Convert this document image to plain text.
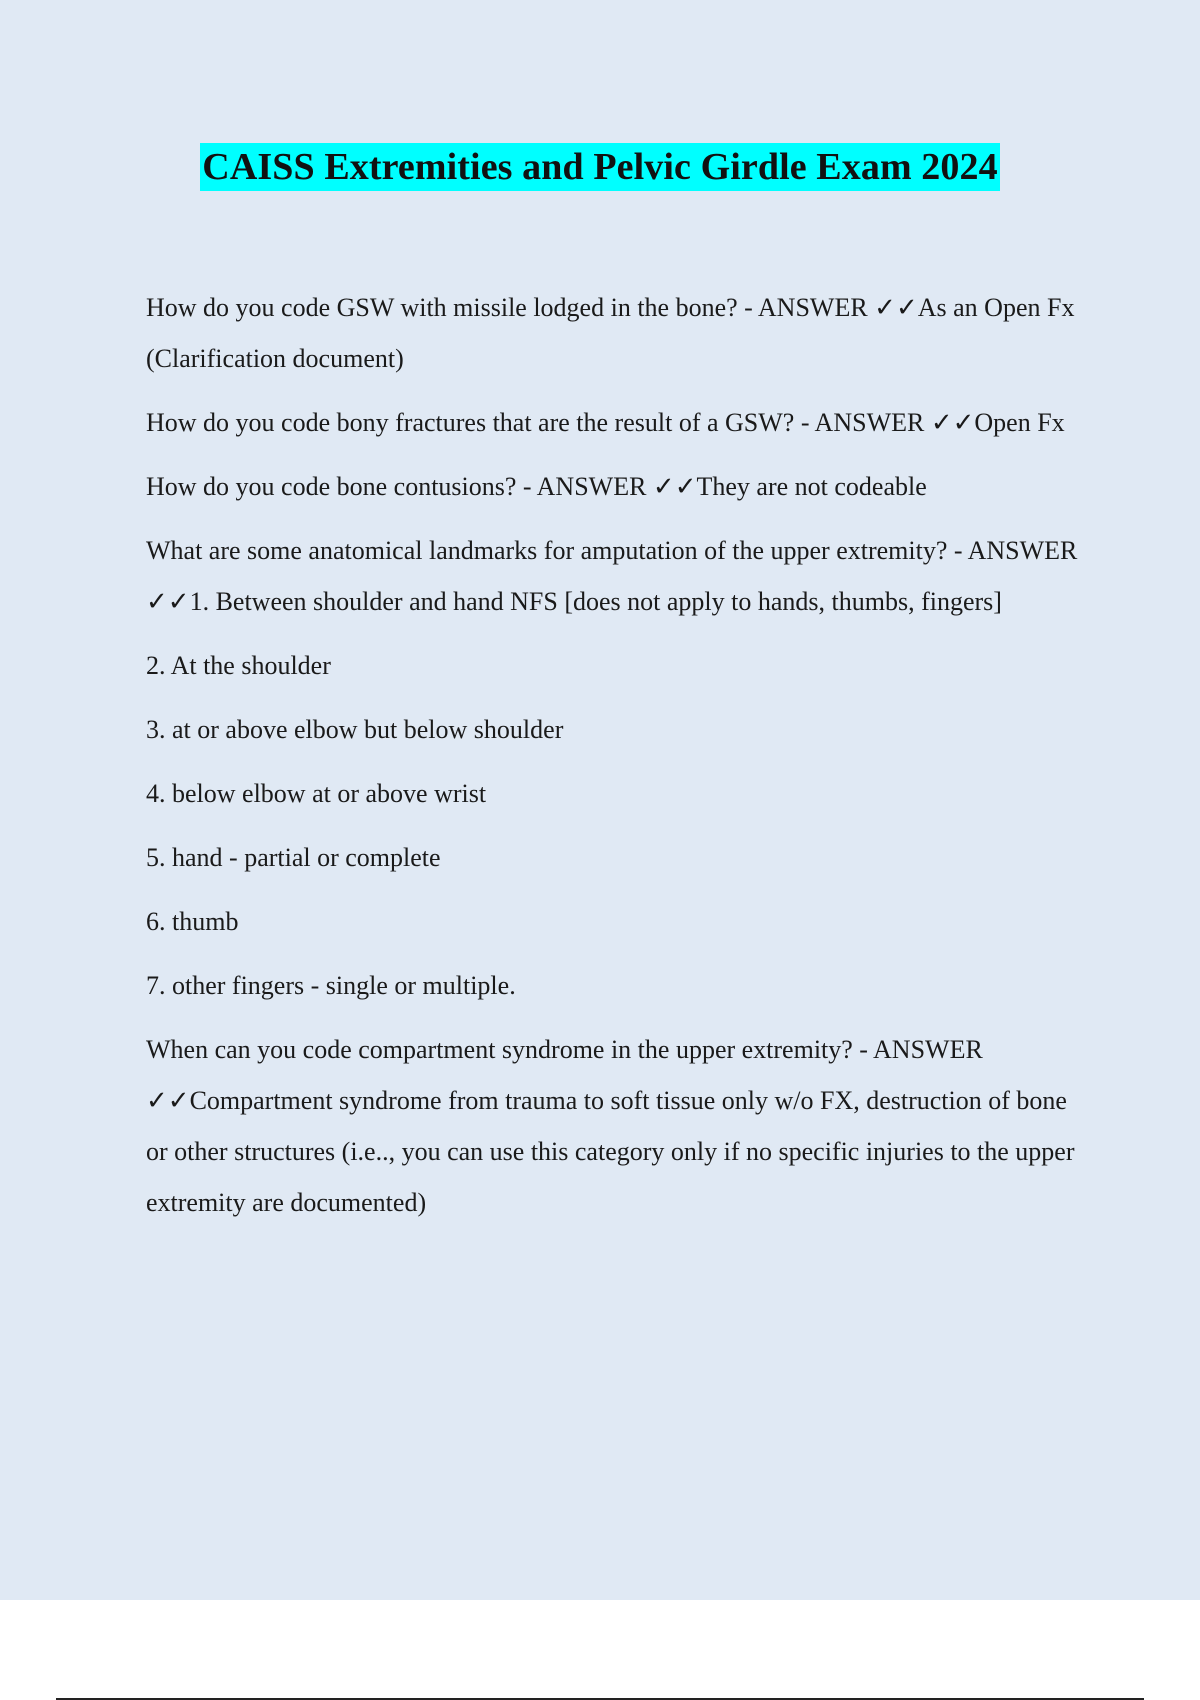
CAISS Extremities and Pelvic Girdle Exam 2024

How do you code GSW with missile lodged in the bone? - ANSWER ✓✓As an Open Fx (Clarification document)

How do you code bony fractures that are the result of a GSW? - ANSWER ✓✓Open Fx

How do you code bone contusions? - ANSWER ✓✓They are not codeable

What are some anatomical landmarks for amputation of the upper extremity? - ANSWER ✓✓1. Between shoulder and hand NFS [does not apply to hands, thumbs, fingers]

2. At the shoulder

3. at or above elbow but below shoulder

4. below elbow at or above wrist

5. hand - partial or complete

6. thumb

7. other fingers - single or multiple.

When can you code compartment syndrome in the upper extremity? - ANSWER ✓✓Compartment syndrome from trauma to soft tissue only w/o FX, destruction of bone or other structures (i.e.., you can use this category only if no specific injuries to the upper extremity are documented)
